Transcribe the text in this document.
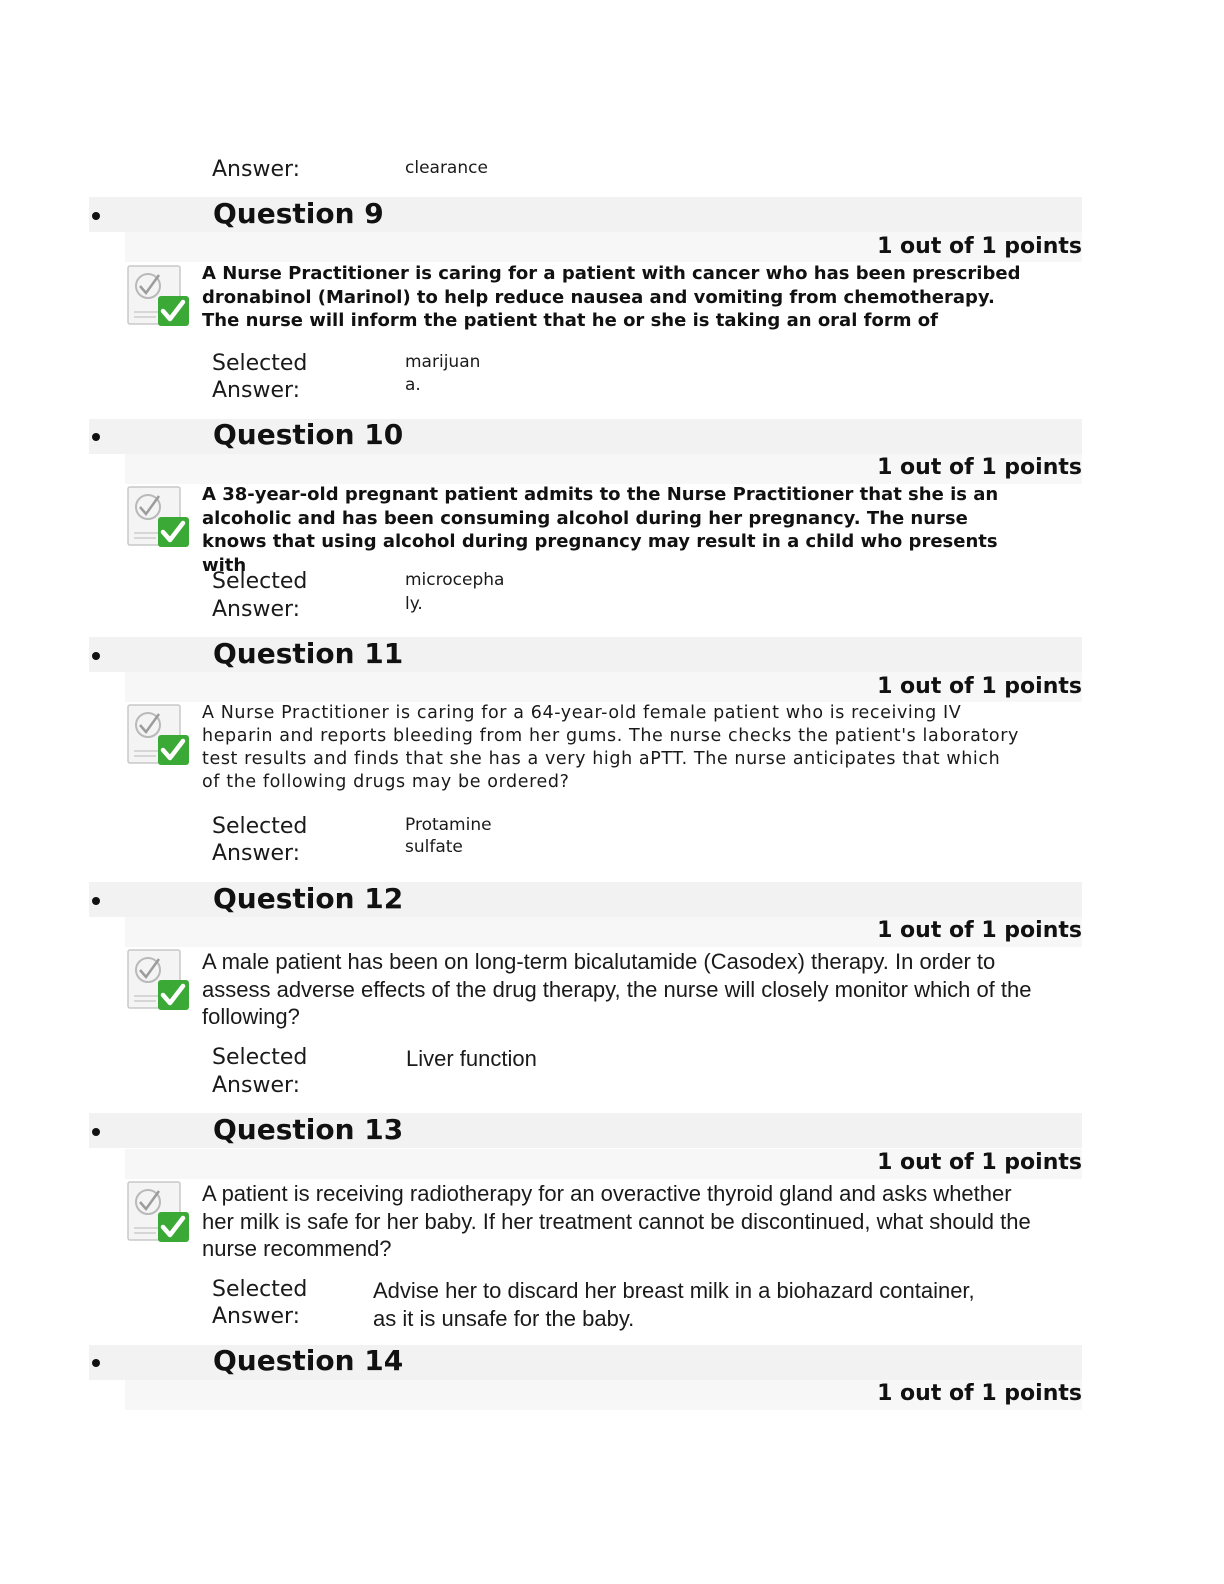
Answer:	clearance
Question 9
1 out of 1 points
A Nurse Practitioner is caring for a patient with cancer who has been prescribed dronabinol (Marinol) to help reduce nausea and vomiting from chemotherapy. The nurse will inform the patient that he or she is taking an oral form of
Selected
Answer:
marijuan
a.
Question 10
1 out of 1 points
A 38-year-old pregnant patient admits to the Nurse Practitioner that she is an alcoholic and has been consuming alcohol during her pregnancy. The nurse knows that using alcohol during pregnancy may result in a child who presents with
Selected
Answer:
microcepha
ly.
Question 11
1 out of 1 points
A Nurse Practitioner is caring for a 64-year-old female patient who is receiving IV heparin and reports bleeding from her gums. The nurse checks the patient's laboratory test results and finds that she has a very high aPTT. The nurse anticipates that which of the following drugs may be ordered?
Selected
Answer:
Protamine
sulfate
Question 12
1 out of 1 points
A male patient has been on long-term bicalutamide (Casodex) therapy. In order to assess adverse effects of the drug therapy, the nurse will closely monitor which of the following?
Selected
Answer:
Liver function
Question 13
1 out of 1 points
A patient is receiving radiotherapy for an overactive thyroid gland and asks whether her milk is safe for her baby. If her treatment cannot be discontinued, what should the nurse recommend?
Selected
Answer:
Advise her to discard her breast milk in a biohazard container, as it is unsafe for the baby.
Question 14
1 out of 1 points
